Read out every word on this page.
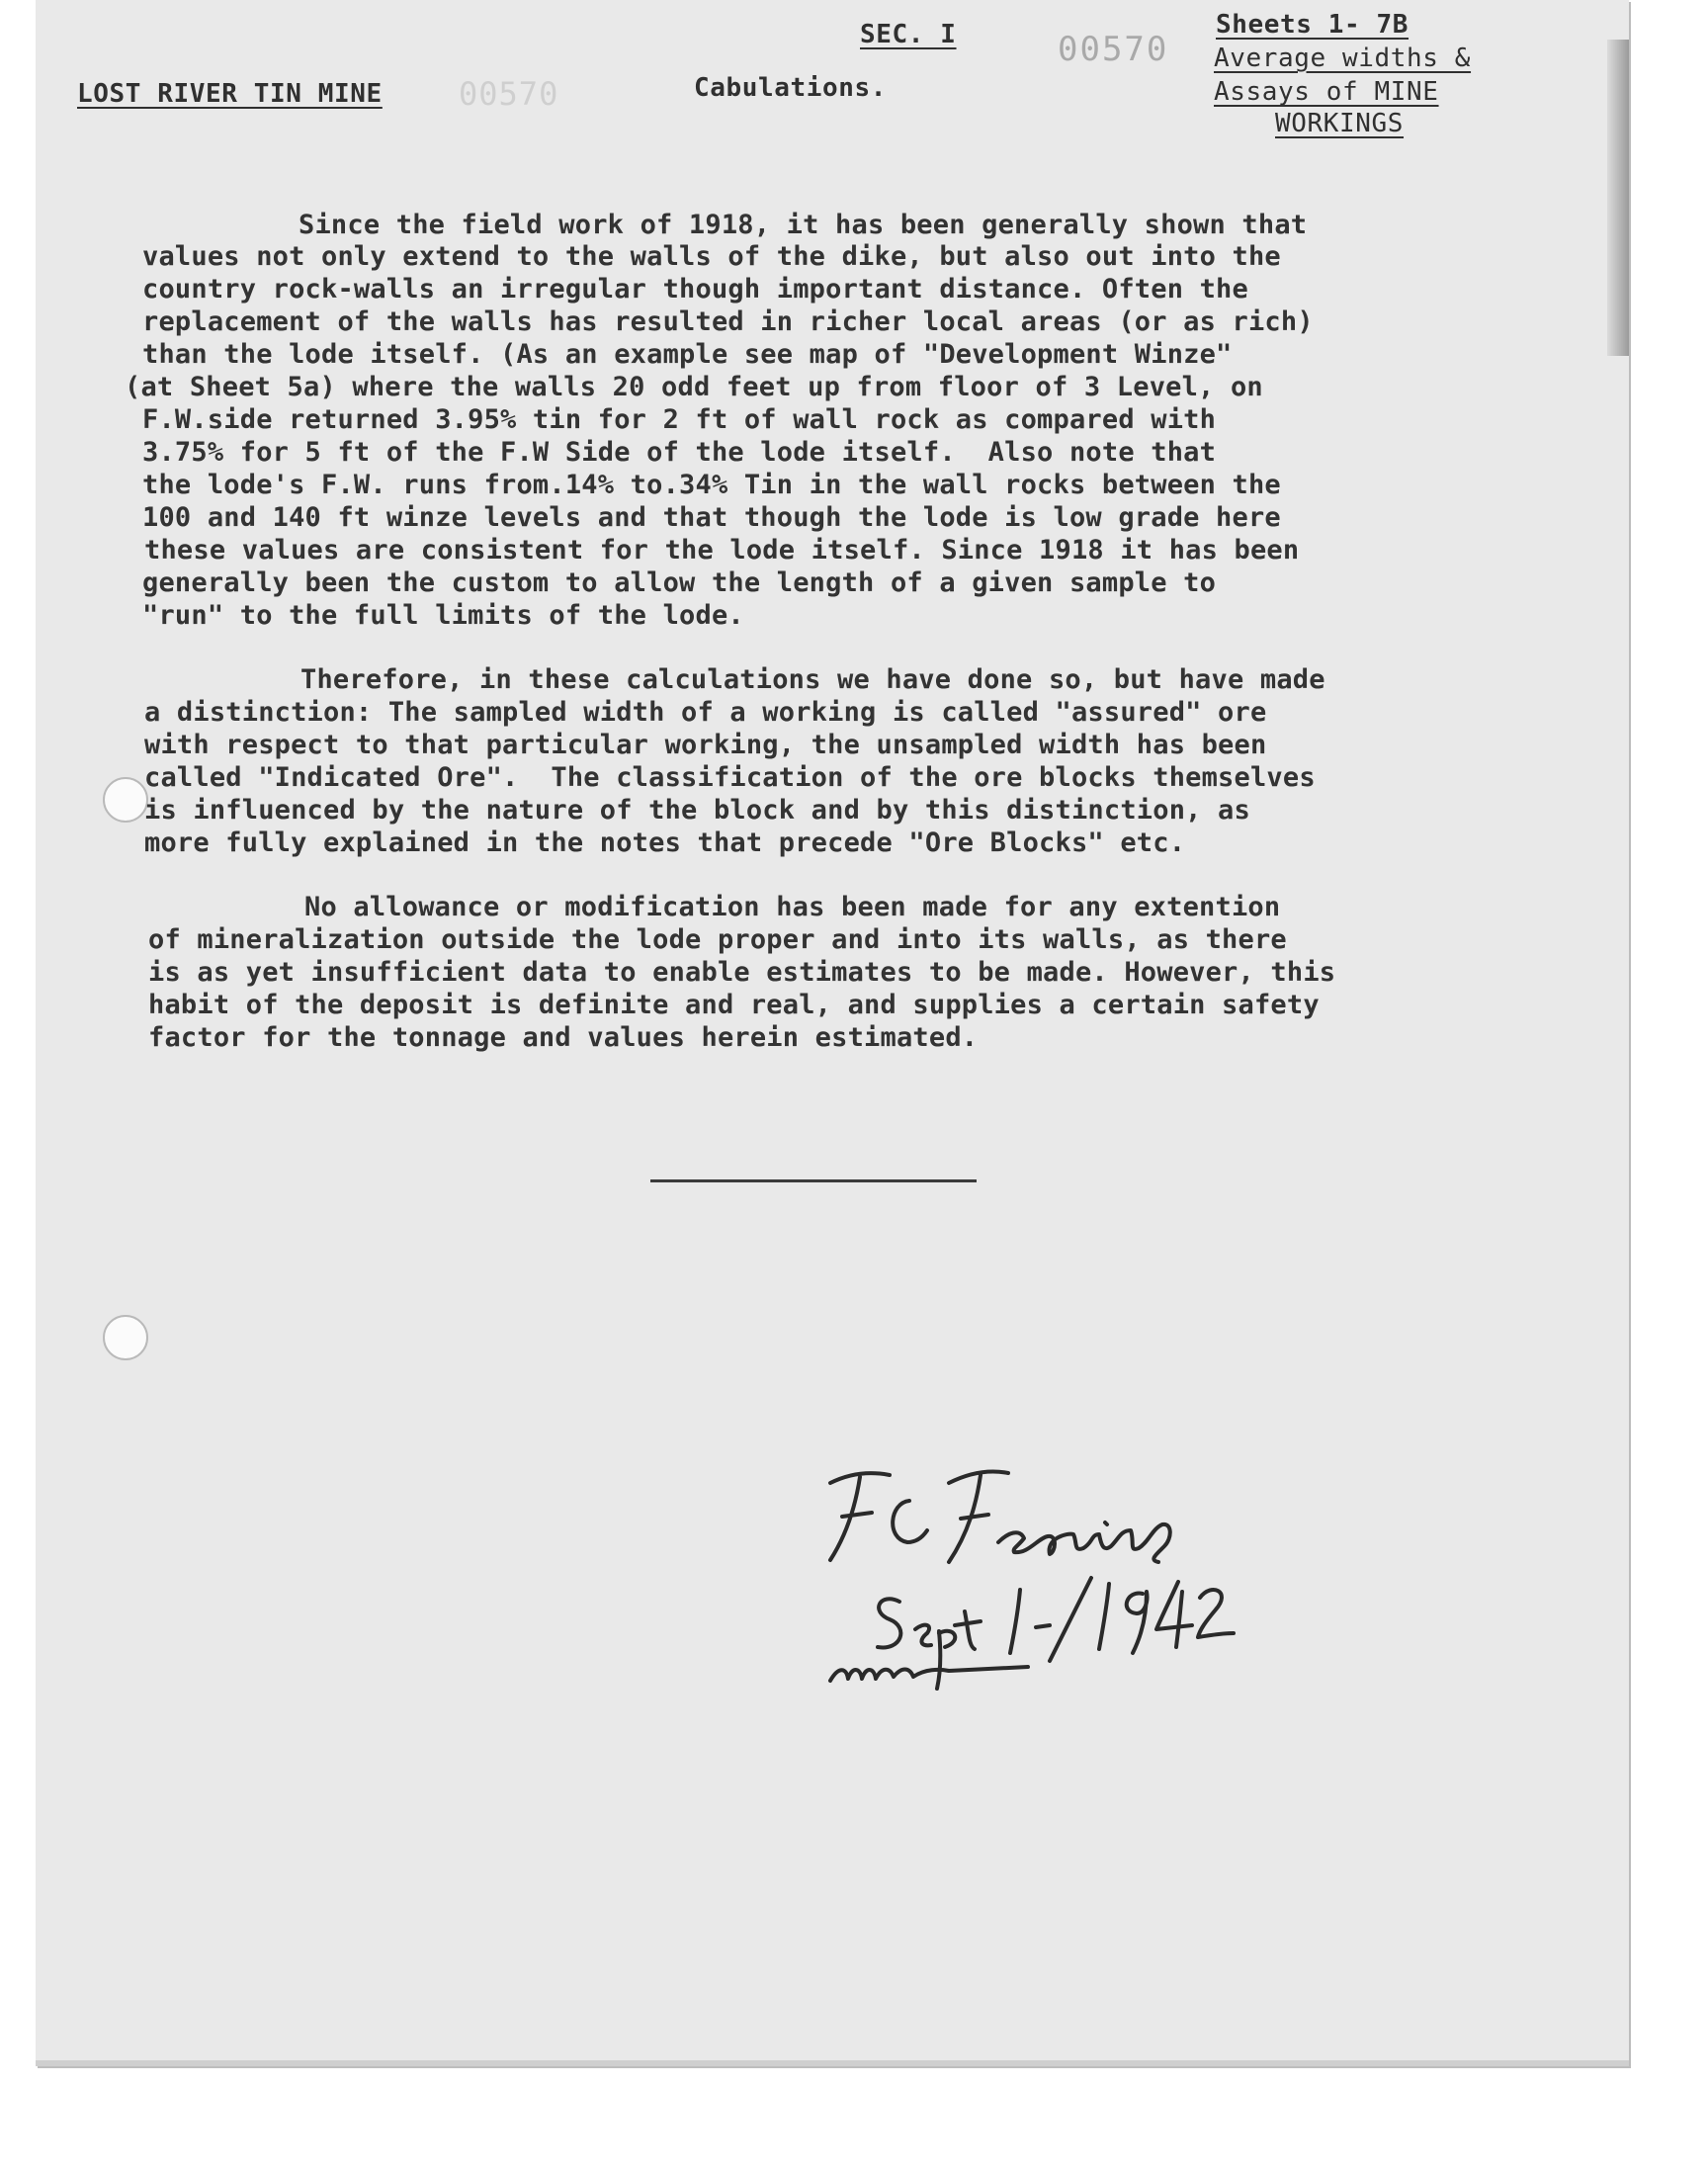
00570
LOST RIVER TIN MINE
SEC. I
Cabulations.
00570
Sheets 1- 7B
Average widths &
Assays of MINE
WORKINGS
Since the field work of 1918, it has been generally shown that
values not only extend to the walls of the dike, but also out into the
country rock-walls an irregular though important distance. Often the
replacement of the walls has resulted in richer local areas (or as rich)
than the lode itself. (As an example see map of "Development Winze"
(at Sheet 5a) where the walls 20 odd feet up from floor of 3 Level, on
F.W.side returned 3.95% tin for 2 ft of wall rock as compared with
3.75% for 5 ft of the F.W Side of the lode itself.  Also note that
the lode's F.W. runs from.14% to.34% Tin in the wall rocks between the
100 and 140 ft winze levels and that though the lode is low grade here
these values are consistent for the lode itself. Since 1918 it has been
generally been the custom to allow the length of a given sample to
"run" to the full limits of the lode.
Therefore, in these calculations we have done so, but have made
a distinction: The sampled width of a working is called "assured" ore
with respect to that particular working, the unsampled width has been
called "Indicated Ore".  The classification of the ore blocks themselves
is influenced by the nature of the block and by this distinction, as
more fully explained in the notes that precede "Ore Blocks" etc.
No allowance or modification has been made for any extention
of mineralization outside the lode proper and into its walls, as there
is as yet insufficient data to enable estimates to be made. However, this
habit of the deposit is definite and real, and supplies a certain safety
factor for the tonnage and values herein estimated.
